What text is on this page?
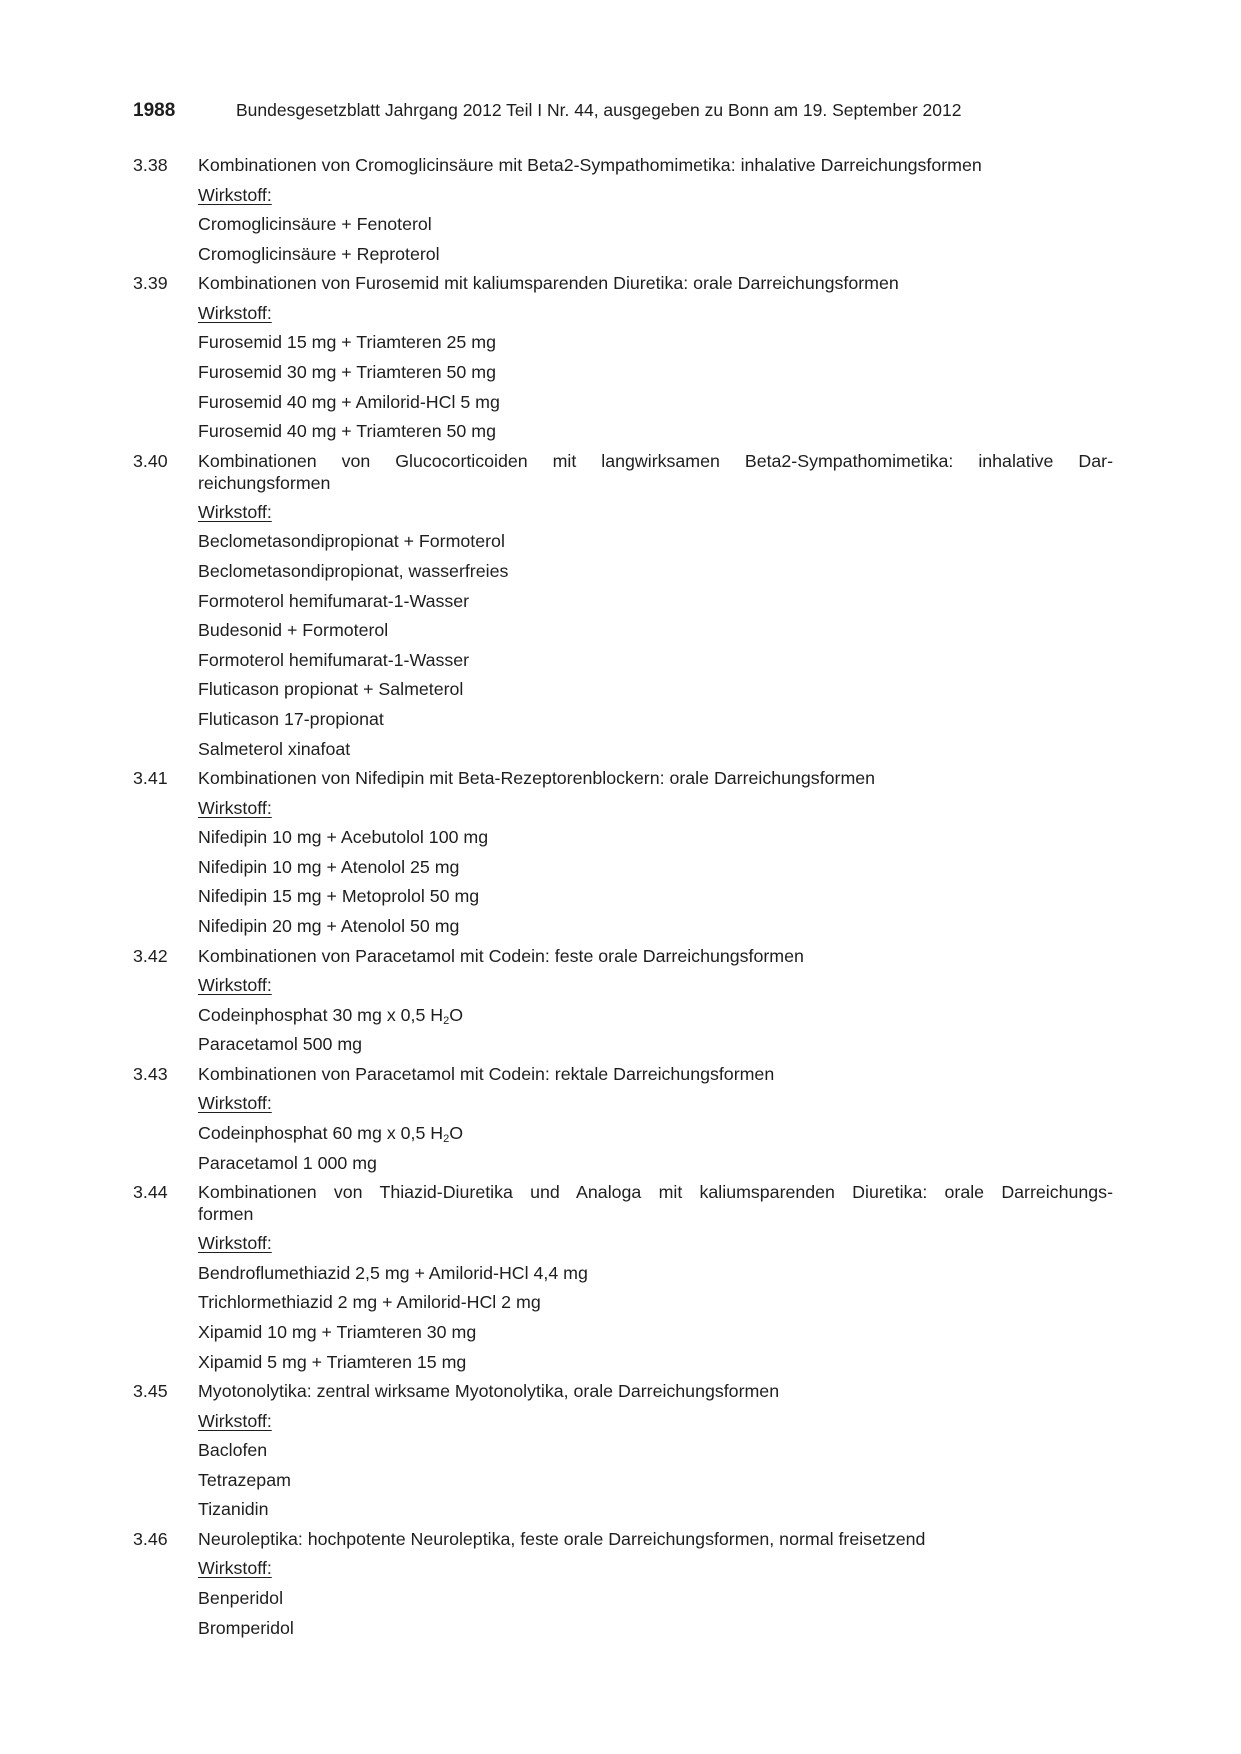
1988	Bundesgesetzblatt Jahrgang 2012 Teil I Nr. 44, ausgegeben zu Bonn am 19. September 2012
3.38	Kombinationen von Cromoglicinsäure mit Beta2-Sympathomimetika: inhalative Darreichungsformen
Wirkstoff:
Cromoglicinsäure + Fenoterol
Cromoglicinsäure + Reproterol
3.39	Kombinationen von Furosemid mit kaliumsparenden Diuretika: orale Darreichungsformen
Wirkstoff:
Furosemid 15 mg + Triamteren 25 mg
Furosemid 30 mg + Triamteren 50 mg
Furosemid 40 mg + Amilorid-HCl 5 mg
Furosemid 40 mg + Triamteren 50 mg
3.40	Kombinationen von Glucocorticoiden mit langwirksamen Beta2-Sympathomimetika: inhalative Dar-
reichungsformen
Wirkstoff:
Beclometasondipropionat + Formoterol
Beclometasondipropionat, wasserfreies
Formoterol hemifumarat-1-Wasser
Budesonid + Formoterol
Formoterol hemifumarat-1-Wasser
Fluticason propionat + Salmeterol
Fluticason 17-propionat
Salmeterol xinafoat
3.41	Kombinationen von Nifedipin mit Beta-Rezeptorenblockern: orale Darreichungsformen
Wirkstoff:
Nifedipin 10 mg + Acebutolol 100 mg
Nifedipin 10 mg + Atenolol 25 mg
Nifedipin 15 mg + Metoprolol 50 mg
Nifedipin 20 mg + Atenolol 50 mg
3.42	Kombinationen von Paracetamol mit Codein: feste orale Darreichungsformen
Wirkstoff:
Codeinphosphat 30 mg x 0,5 $H_2O$
Paracetamol 500 mg
3.43	Kombinationen von Paracetamol mit Codein: rektale Darreichungsformen
Wirkstoff:
Codeinphosphat 60 mg x 0,5 $H_2O$
Paracetamol 1 000 mg
3.44	Kombinationen von Thiazid-Diuretika und Analoga mit kaliumsparenden Diuretika: orale Darreichungs-
formen
Wirkstoff:
Bendroflumethiazid 2,5 mg + Amilorid-HCl 4,4 mg
Trichlormethiazid 2 mg + Amilorid-HCl 2 mg
Xipamid 10 mg + Triamteren 30 mg
Xipamid 5 mg + Triamteren 15 mg
3.45	Myotonolytika: zentral wirksame Myotonolytika, orale Darreichungsformen
Wirkstoff:
Baclofen
Tetrazepam
Tizanidin
3.46	Neuroleptika: hochpotente Neuroleptika, feste orale Darreichungsformen, normal freisetzend
Wirkstoff:
Benperidol
Bromperidol
